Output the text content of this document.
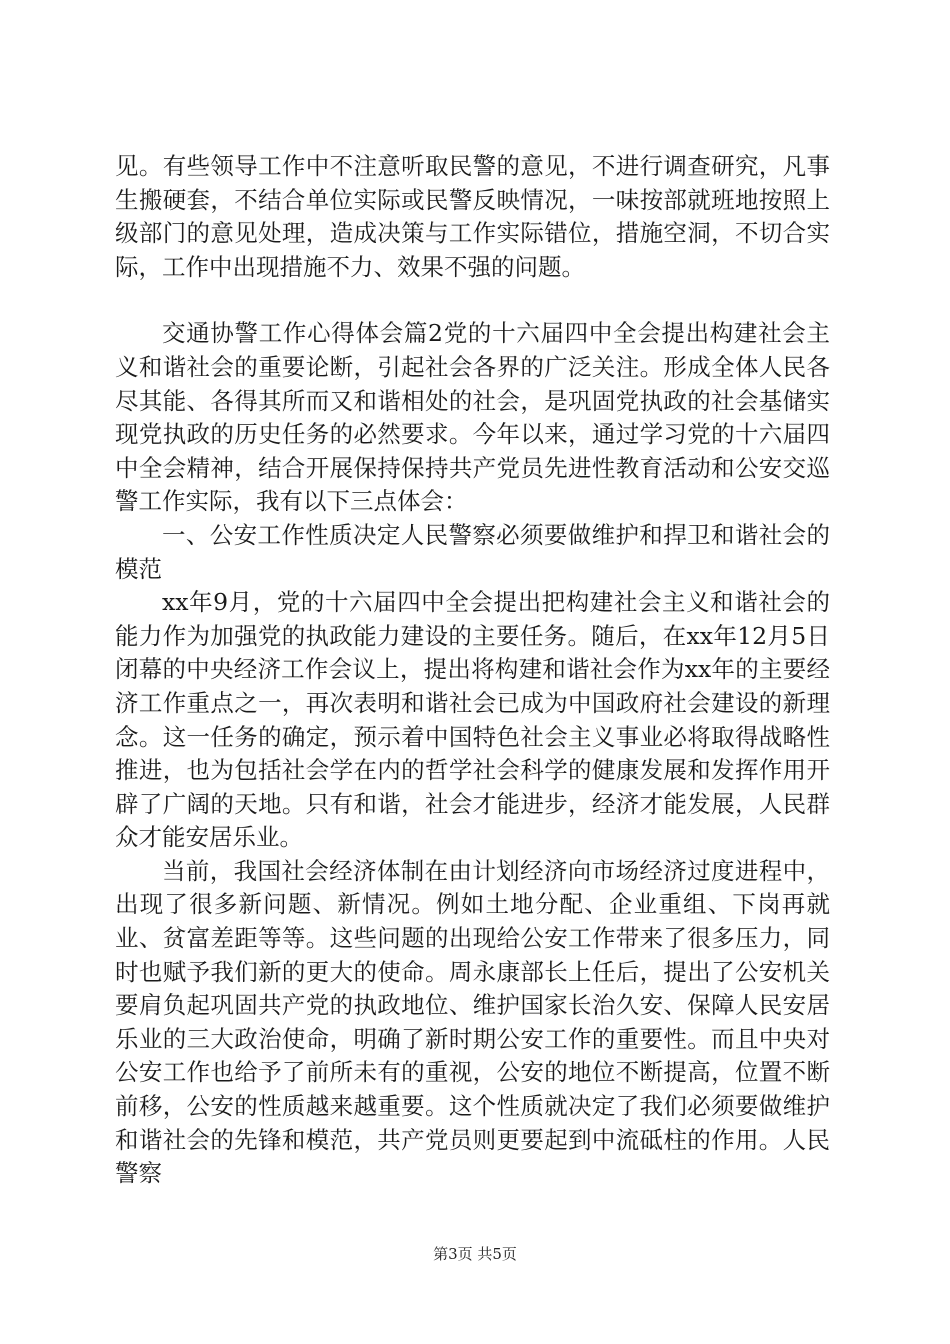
见。有些领导工作中不注意听取民警的意见，不进行调查研究，凡事生搬硬套，不结合单位实际或民警反映情况，一味按部就班地按照上级部门的意见处理，造成决策与工作实际错位，措施空洞，不切合实际，工作中出现措施不力、效果不强的问题。

交通协警工作心得体会篇2党的十六届四中全会提出构建社会主义和谐社会的重要论断，引起社会各界的广泛关注。形成全体人民各尽其能、各得其所而又和谐相处的社会，是巩固党执政的社会基储实现党执政的历史任务的必然要求。今年以来，通过学习党的十六届四中全会精神，结合开展保持保持共产党员先进性教育活动和公安交巡警工作实际，我有以下三点体会：

一、公安工作性质决定人民警察必须要做维护和捍卫和谐社会的模范

xx年9月，党的十六届四中全会提出把构建社会主义和谐社会的能力作为加强党的执政能力建设的主要任务。随后，在xx年12月5日闭幕的中央经济工作会议上，提出将构建和谐社会作为xx年的主要经济工作重点之一，再次表明和谐社会已成为中国政府社会建设的新理念。这一任务的确定，预示着中国特色社会主义事业必将取得战略性推进，也为包括社会学在内的哲学社会科学的健康发展和发挥作用开辟了广阔的天地。只有和谐，社会才能进步，经济才能发展，人民群众才能安居乐业。

当前，我国社会经济体制在由计划经济向市场经济过度进程中，出现了很多新问题、新情况。例如土地分配、企业重组、下岗再就业、贫富差距等等。这些问题的出现给公安工作带来了很多压力，同时也赋予我们新的更大的使命。周永康部长上任后，提出了公安机关要肩负起巩固共产党的执政地位、维护国家长治久安、保障人民安居乐业的三大政治使命，明确了新时期公安工作的重要性。而且中央对公安工作也给予了前所未有的重视，公安的地位不断提高，位置不断前移，公安的性质越来越重要。这个性质就决定了我们必须要做维护和谐社会的先锋和模范，共产党员则更要起到中流砥柱的作用。人民警察

第3页 共5页
